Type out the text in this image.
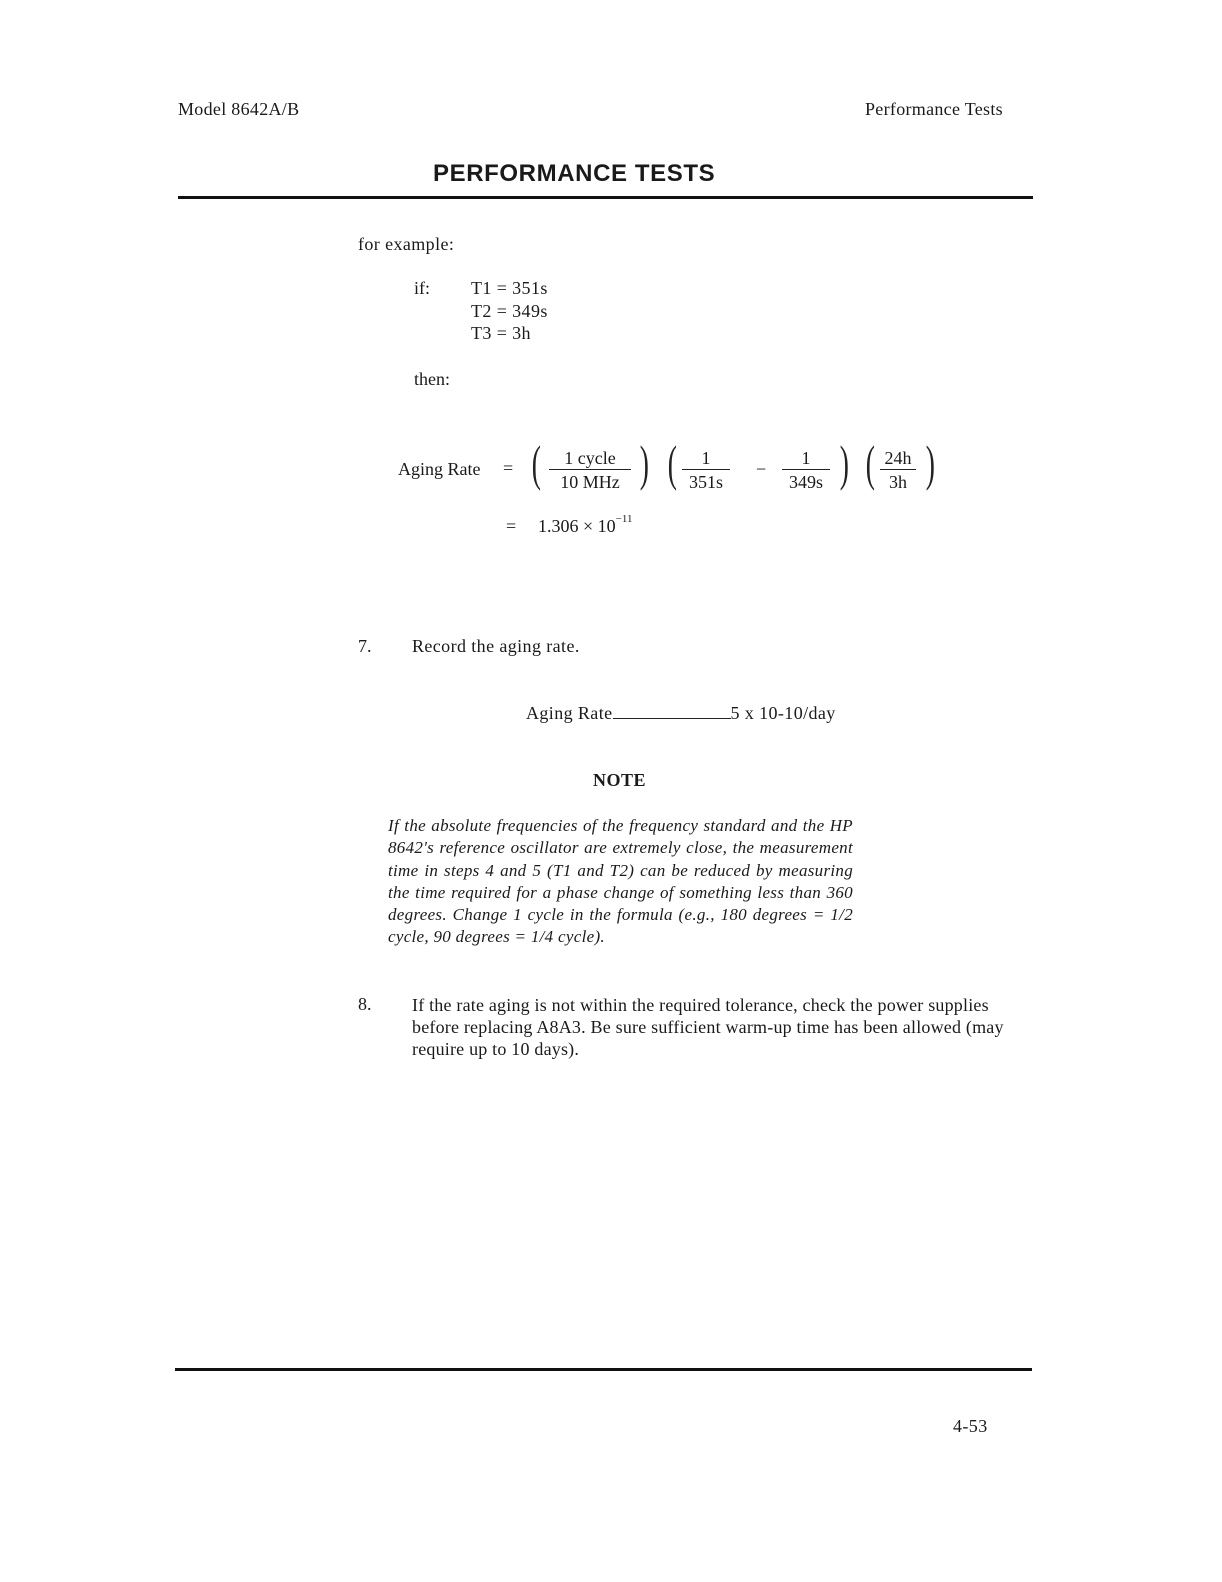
Model 8642A/B	Performance Tests
PERFORMANCE TESTS
for example:
if: T1 = 351s
T2 = 349s
T3 = 3h
then:
Aging Rate = (	1 cycle
10 MHz ) (	1
351s
−
1
349s ) ( 24h
3h )
= $1.306 \times 10^{-11}$
7. Record the aging rate.
Aging Rate	5 x 10-10/day
NOTE
If the absolute frequencies of the frequency standard and the HP 8642's reference oscillator are extremely close, the measurement time in steps 4 and 5 (T1 and T2) can be reduced by measuring the time required for a phase change of something less than 360 degrees. Change 1 cycle in the formula (e.g., 180 degrees = 1/2 cycle, 90 degrees = 1/4 cycle).
8. If the rate aging is not within the required tolerance, check the power supplies before replacing A8A3. Be sure sufficient warm-up time has been allowed (may require up to 10 days).
4-53
